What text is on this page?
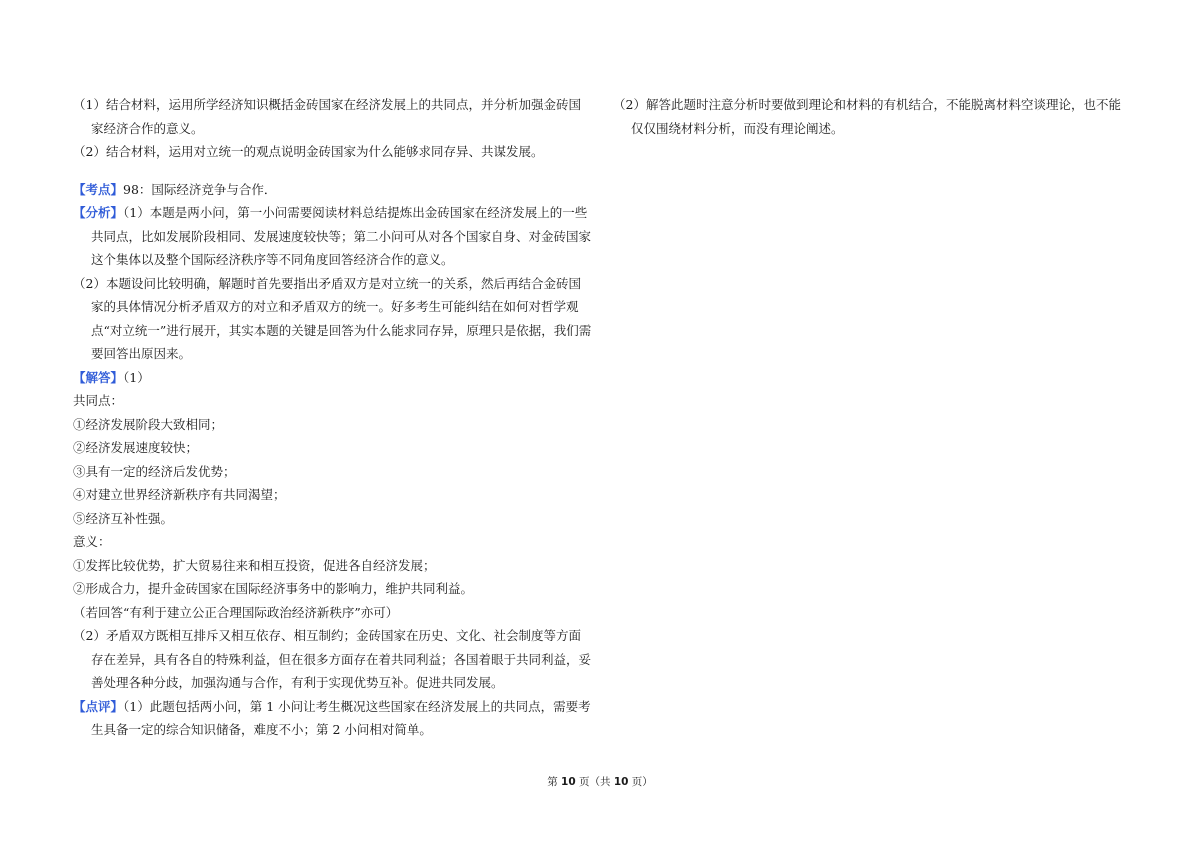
（1）结合材料，运用所学经济知识概括金砖国家在经济发展上的共同点，并分析加强金砖国家经济合作的意义。

（2）结合材料，运用对立统一的观点说明金砖国家为什么能够求同存异、共谋发展。

【考点】98：国际经济竞争与合作．

【分析】（1）本题是两小问，第一小问需要阅读材料总结提炼出金砖国家在经济发展上的一些共同点，比如发展阶段相同、发展速度较快等；第二小问可从对各个国家自身、对金砖国家这个集体以及整个国际经济秩序等不同角度回答经济合作的意义。

（2）本题设问比较明确，解题时首先要指出矛盾双方是对立统一的关系，然后再结合金砖国家的具体情况分析矛盾双方的对立和矛盾双方的统一。好多考生可能纠结在如何对哲学观点“对立统一”进行展开，其实本题的关键是回答为什么能求同存异，原理只是依据，我们需要回答出原因来。

【解答】（1）

共同点：

①经济发展阶段大致相同；

②经济发展速度较快；

③具有一定的经济后发优势；

④对建立世界经济新秩序有共同渴望；

⑤经济互补性强。

意义：

①发挥比较优势，扩大贸易往来和相互投资，促进各自经济发展；

②形成合力，提升金砖国家在国际经济事务中的影响力，维护共同利益。

（若回答“有利于建立公正合理国际政治经济新秩序”亦可）

（2）矛盾双方既相互排斥又相互依存、相互制约；金砖国家在历史、文化、社会制度等方面存在差异，具有各自的特殊利益，但在很多方面存在着共同利益；各国着眼于共同利益，妥善处理各种分歧，加强沟通与合作，有利于实现优势互补。促进共同发展。

【点评】（1）此题包括两小问，第 1 小问让考生概况这些国家在经济发展上的共同点，需要考生具备一定的综合知识储备，难度不小；第 2 小问相对简单。

（2）解答此题时注意分析时要做到理论和材料的有机结合，不能脱离材料空谈理论，也不能仅仅围绕材料分析，而没有理论阐述。

第 10 页（共 10 页）
